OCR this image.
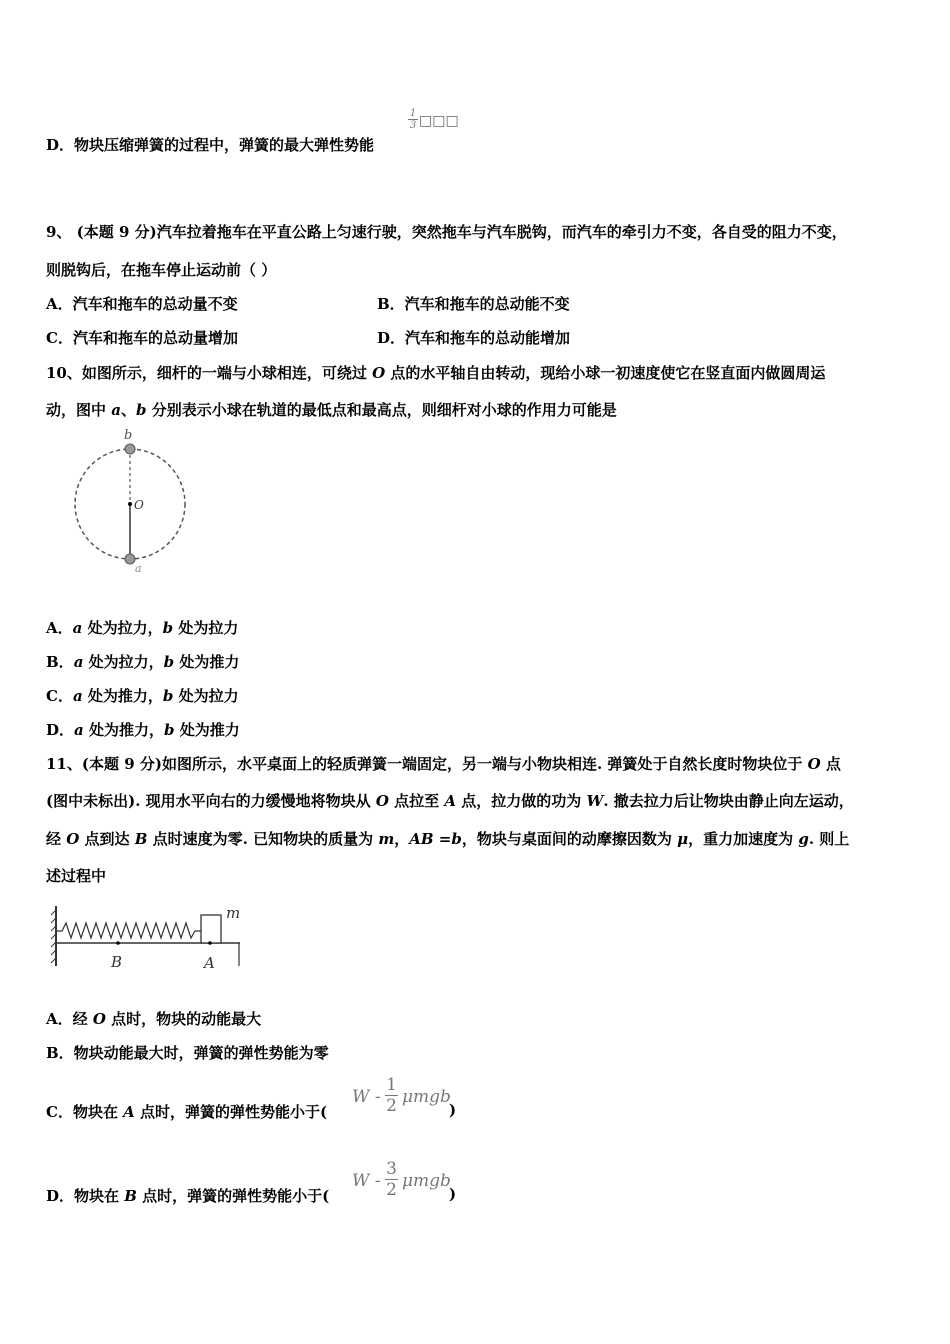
D．物块压缩弹簧的过程中，弹簧的最大弹性势能
$\frac{1}{3}$ □□□
9、 (本题 9 分)汽车拉着拖车在平直公路上匀速行驶，突然拖车与汽车脱钩，而汽车的牵引力不变，各自受的阻力不变，
则脱钩后，在拖车停止运动前（ ）
A．汽车和拖车的总动量不变	B．汽车和拖车的总动能不变
C．汽车和拖车的总动量增加	D．汽车和拖车的总动能增加
10、如图所示，细杆的一端与小球相连，可绕过 O 点的水平轴自由转动，现给小球一初速度使它在竖直面内做圆周运
动，图中 a、b 分别表示小球在轨道的最低点和最高点，则细杆对小球的作用力可能是
b
O
a
A．a 处为拉力，b 处为拉力
B．a 处为拉力，b 处为推力
C．a 处为推力，b 处为拉力
D．a 处为推力，b 处为推力
11、(本题 9 分)如图所示，水平桌面上的轻质弹簧一端固定，另一端与小物块相连. 弹簧处于自然长度时物块位于 O 点
(图中未标出). 现用水平向右的力缓慢地将物块从 O 点拉至 A 点，拉力做的功为 W. 撤去拉力后让物块由静止向左运动，
经 O 点到达 B 点时速度为零. 已知物块的质量为 m，AB =b，物块与桌面间的动摩擦因数为 μ，重力加速度为 g. 则上
述过程中
m
B	A
A．经 O 点时，物块的动能最大
B．物块动能最大时，弹簧的弹性势能为零
C．物块在 A 点时，弹簧的弹性势能小于(
W -
1
2 μmgb
)
D．物块在 B 点时，弹簧的弹性势能小于(
W -
3
2 μmgb
)
